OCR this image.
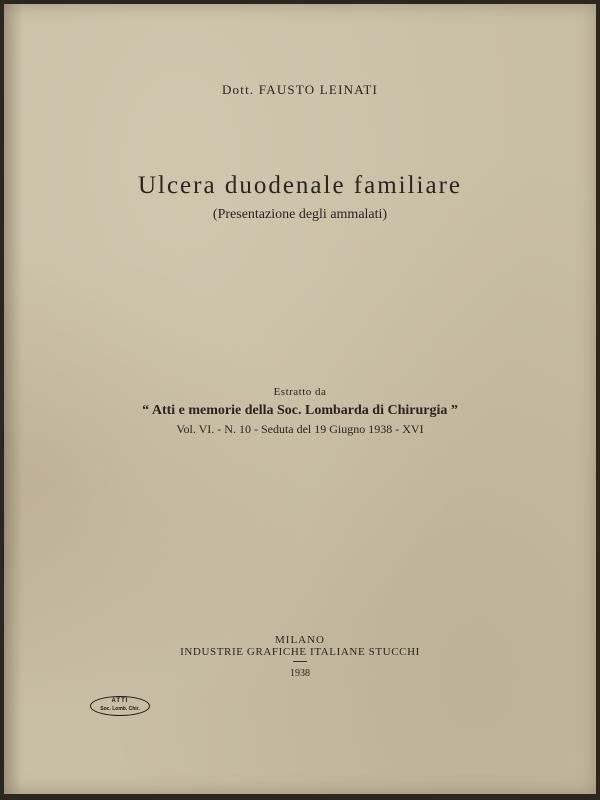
Dott. FAUSTO LEINATI
Ulcera duodenale familiare
(Presentazione degli ammalati)
Estratto da
“ Atti e memorie della Soc. Lombarda di Chirurgia ”
Vol. VI. - N. 10 - Seduta del 19 Giugno 1938 - XVI
MILANO
INDUSTRIE GRAFICHE ITALIANE STUCCHI
1938
ATTI
Soc. Lomb. Chir.
